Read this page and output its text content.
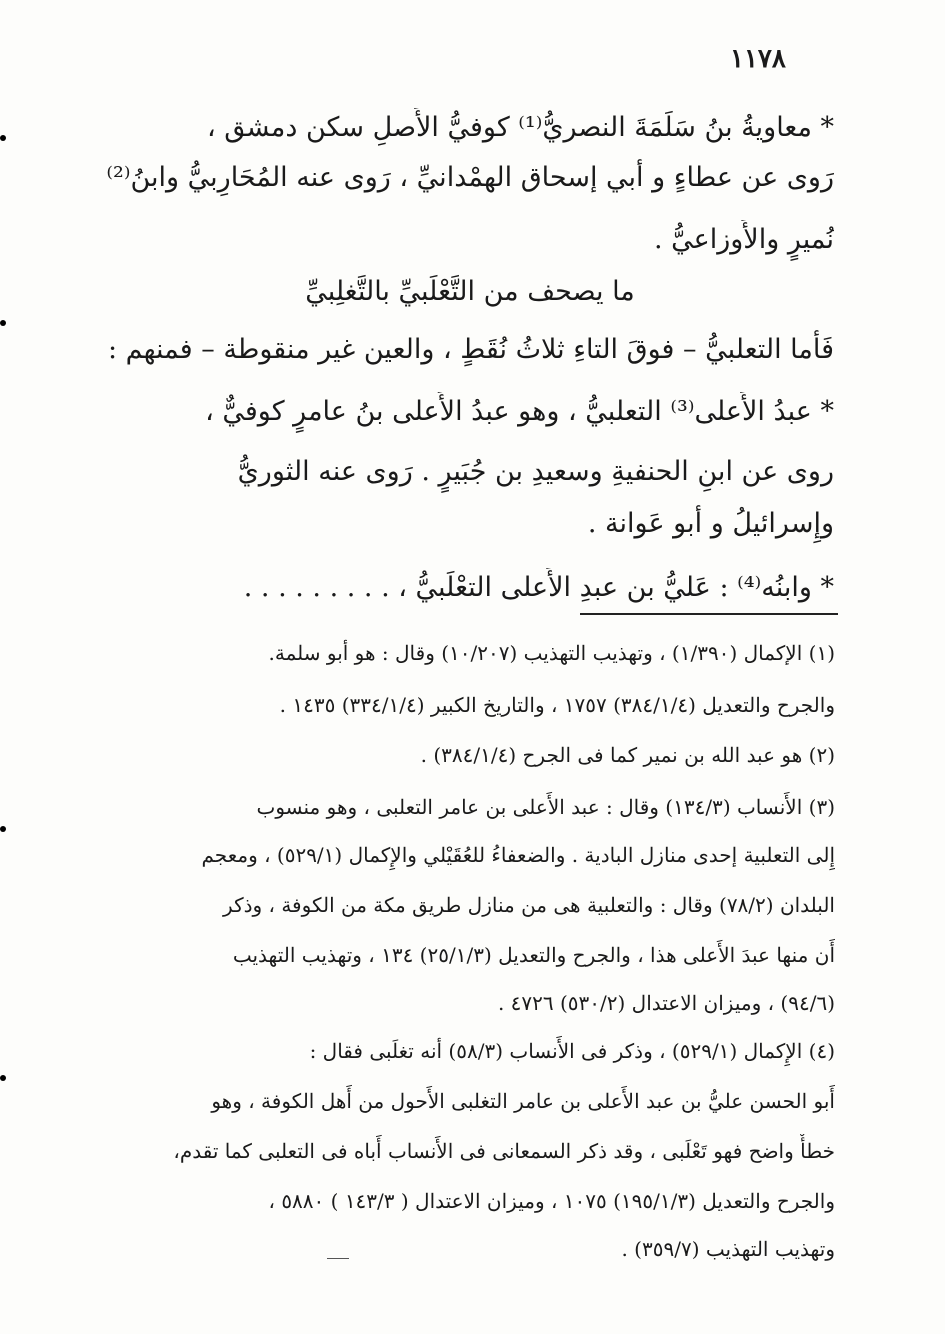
١١٧٨
* معاويةُ بنُ سَلَمَةَ النصريُّ⁽¹⁾ كوفيُّ الأَصلِ سكن دمشق ،
رَوى عن عطاءٍ و أَبي إسحاق الهمْدانيِّ ، رَوى عنه المُحَارِبيُّ وابنُ⁽²⁾
نُميرٍ والأَوزاعيُّ .
ما يصحف من التَّعْلَبيِّ بالتَّغلِبيِّ
فَأَما التعلبيُّ – فوقَ التاءِ ثلاثُ نُقَطٍ ، والعين غير منقوطة – فمنهم :
* عبدُ الأَعلى⁽³⁾ التعلبيُّ ، وهو عبدُ الأَعلى بنُ عامرٍ كوفيٌّ ،
روى عن ابنِ الحنفيةِ وسعيدِ بن جُبَيرٍ . رَوى عنه الثوريُّ
وإِسرائيلُ و أَبو عَوانة .
* وابنُه⁽⁴⁾ : عَليُّ بن عبدِ الأَعلى التعْلَبيُّ ، . . . . . . . . .
(١) الإكمال (١/٣٩٠) ، وتهذيب التهذيب (١٠/٢٠٧) وقال : هو أبو سلمة.
والجرح والتعديل (٣٨٤/١/٤) ١٧٥٧ ، والتاريخ الكبير (٣٣٤/١/٤) ١٤٣٥ .
(٢) هو عبد الله بن نمير كما فى الجرح (٣٨٤/١/٤) .
(٣) الأَنساب (١٣٤/٣) وقال : عبد الأَعلى بن عامر التعلبى ، وهو منسوب
إِلى التعلبية إحدى منازل البادية . والضعفاءُ للعُقَيْلي والإِكمال (٥٢٩/١) ، ومعجم
البلدان (٧٨/٢) وقال : والتعلبية هى من منازل طريق مكة من الكوفة ، وذكر
أَن منها عبدَ الأَعلى هذا ، والجرح والتعديل (٢٥/١/٣) ١٣٤ ، وتهذيب التهذيب
(٩٤/٦) ، وميزان الاعتدال (٥٣٠/٢) ٤٧٢٦ .
(٤) الإِكمال (٥٢٩/١) ، وذكر فى الأَنساب (٥٨/٣) أنه تغلَبى فقال :
أَبو الحسن عليُّ بن عبد الأَعلى بن عامر التغلبى الأَحول من أَهل الكوفة ، وهو
خطأٌ واضح فهو تَعْلَبى ، وقد ذكر السمعانى فى الأَنساب أَباه فى التعلبى كما تقدم،
والجرح والتعديل (١٩٥/١/٣) ١٠٧٥ ، وميزان الاعتدال ( ١٤٣/٣ ) ٥٨٨٠ ،
وتهذيب التهذيب (٣٥٩/٧) .
